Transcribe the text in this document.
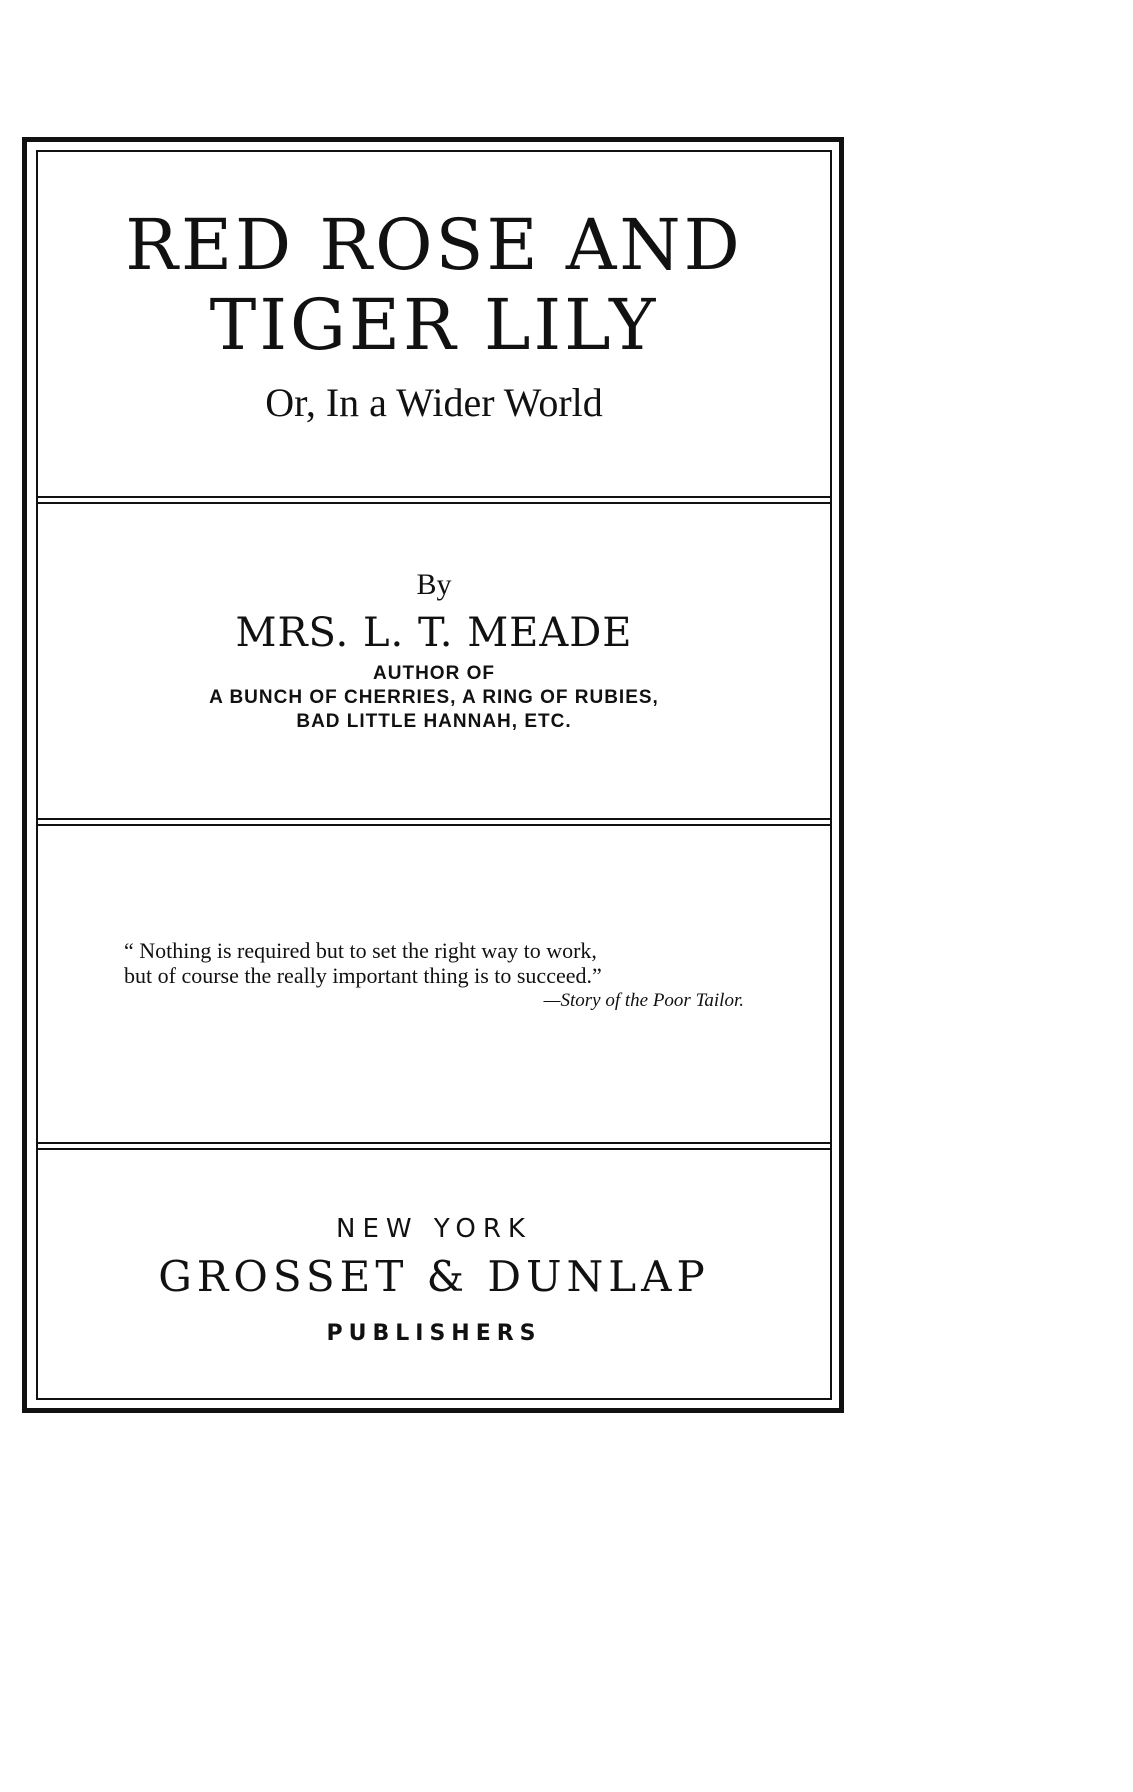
RED ROSE AND
TIGER LILY
Or, In a Wider World
By
MRS. L. T. MEADE
AUTHOR OF
A BUNCH OF CHERRIES, A RING OF RUBIES,
BAD LITTLE HANNAH, ETC.
“ Nothing is required but to set the right way to work,
but of course the really important thing is to succeed.”
—Story of the Poor Tailor.
NEW YORK
GROSSET & DUNLAP
PUBLISHERS
